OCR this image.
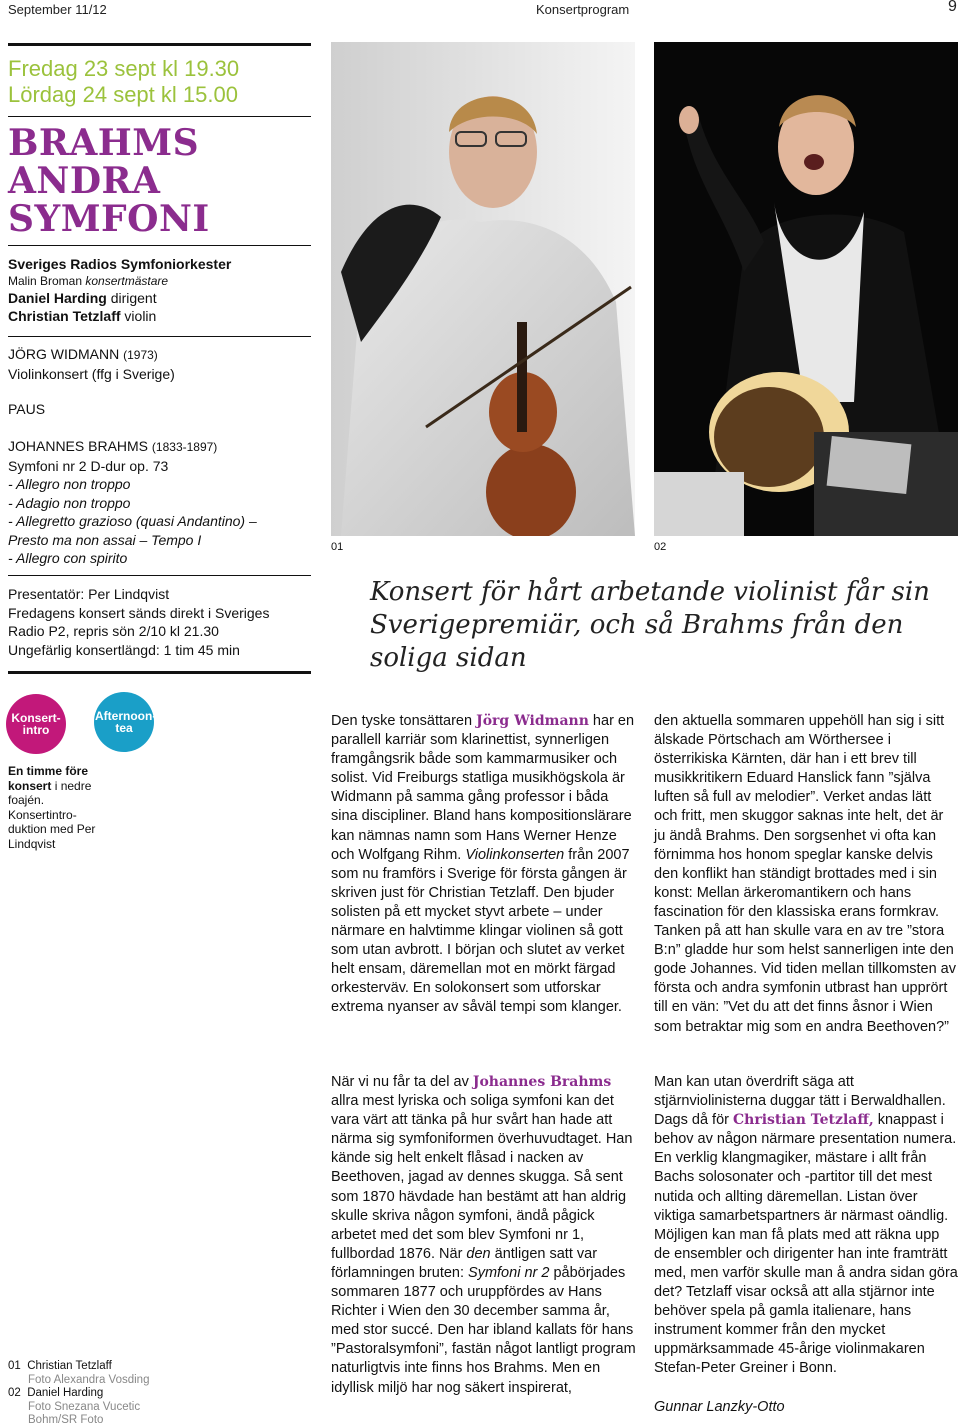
September 11/12	Konsertprogram	9
Fredag 23 sept kl 19.30
Lördag 24 sept kl 15.00
BRAHMS
ANDRA
SYMFONI
Sveriges Radios Symfoniorkester
Malin Broman konsertmästare
Daniel Harding dirigent
Christian Tetzlaff violin
JÖRG WIDMANN (1973)
Violinkonsert (ffg i Sverige)
PAUS
JOHANNES BRAHMS (1833-1897)
Symfoni nr 2 D-dur op. 73
- Allegro non troppo
- Adagio non troppo
- Allegretto grazioso (quasi Andantino) –
Presto ma non assai – Tempo I
- Allegro con spirito
Presentatör: Per Lindqvist
Fredagens konsert sänds direkt i Sveriges
Radio P2, repris sön 2/10 kl 21.30
Ungefärlig konsertlängd: 1 tim 45 min
01	02
Konsert för hårt arbetande violinist får sin Sverigepremiär, och så Brahms från den soliga sidan
Konsert-intro
Afternoon-tea
En timme före konsert i nedre foajén. Konsertintro-duktion med Per Lindqvist
01 Christian Tetzlaff
Foto Alexandra Vosding
02 Daniel Harding
Foto Snezana Vucetic Bohm/SR Foto

Den tyske tonsättaren Jörg Widmann har en parallell karriär som klarinettist, synnerligen framgångsrik både som kammarmusiker och solist. Vid Freiburgs statliga musikhögskola är Widmann på samma gång professor i båda sina discipliner. Bland hans kompositionslärare kan nämnas namn som Hans Werner Henze och Wolfgang Rihm. Violinkonserten från 2007 som nu framförs i Sverige för första gången är skriven just för Christian Tetzlaff. Den bjuder solisten på ett mycket styvt arbete – under närmare en halvtimme klingar violinen så gott som utan avbrott. I början och slutet av verket helt ensam, däremellan mot en mörkt färgad orkesterväv. En solokonsert som utforskar extrema nyanser av såväl tempi som klanger.

När vi nu får ta del av Johannes Brahms allra mest lyriska och soliga symfoni kan det vara värt att tänka på hur svårt han hade att närma sig symfoniformen överhuvudtaget. Han kände sig helt enkelt flåsad i nacken av Beethoven, jagad av dennes skugga. Så sent som 1870 hävdade han bestämt att han aldrig skulle skriva någon symfoni, ändå pågick arbetet med det som blev Symfoni nr 1, fullbordad 1876. När den äntligen satt var förlamningen bruten: Symfoni nr 2 påbörjades sommaren 1877 och uruppfördes av Hans Richter i Wien den 30 december samma år, med stor succé. Den har ibland kallats för hans ”Pastoralsymfoni”, fastän något lantligt program naturligtvis inte finns hos Brahms. Men en idyllisk miljö har nog säkert inspirerat,

den aktuella sommaren uppehöll han sig i sitt älskade Pörtschach am Wörthersee i österrikiska Kärnten, där han i ett brev till musikkritikern Eduard Hanslick fann ”själva luften så full av melodier”. Verket andas lätt och fritt, men skuggor saknas inte helt, det är ju ändå Brahms. Den sorgsenhet vi ofta kan förnimma hos honom speglar kanske delvis den konflikt han ständigt brottades med i sin konst: Mellan ärkeromantikern och hans fascination för den klassiska erans formkrav. Tanken på att han skulle vara en av tre ”stora B:n” gladde hur som helst sannerligen inte den gode Johannes. Vid tiden mellan tillkomsten av första och andra symfonin utbrast han upprört till en vän: ”Vet du att det finns åsnor i Wien som betraktar mig som en andra Beethoven?”

Man kan utan överdrift säga att stjärnviolinisterna duggar tätt i Berwaldhallen. Dags då för Christian Tetzlaff, knappast i behov av någon närmare presentation numera. En verklig klangmagiker, mästare i allt från Bachs solosonater och -partitor till det mest nutida och allting däremellan. Listan över viktiga samarbetspartners är närmast oändlig. Möjligen kan man få plats med att räkna upp de ensembler och dirigenter han inte framträtt med, men varför skulle man å andra sidan göra det? Tetzlaff visar också att alla stjärnor inte behöver spela på gamla italienare, hans instrument kommer från den mycket uppmärksammade 45-årige violinmakaren Stefan-Peter Greiner i Bonn.

Gunnar Lanzky-Otto
